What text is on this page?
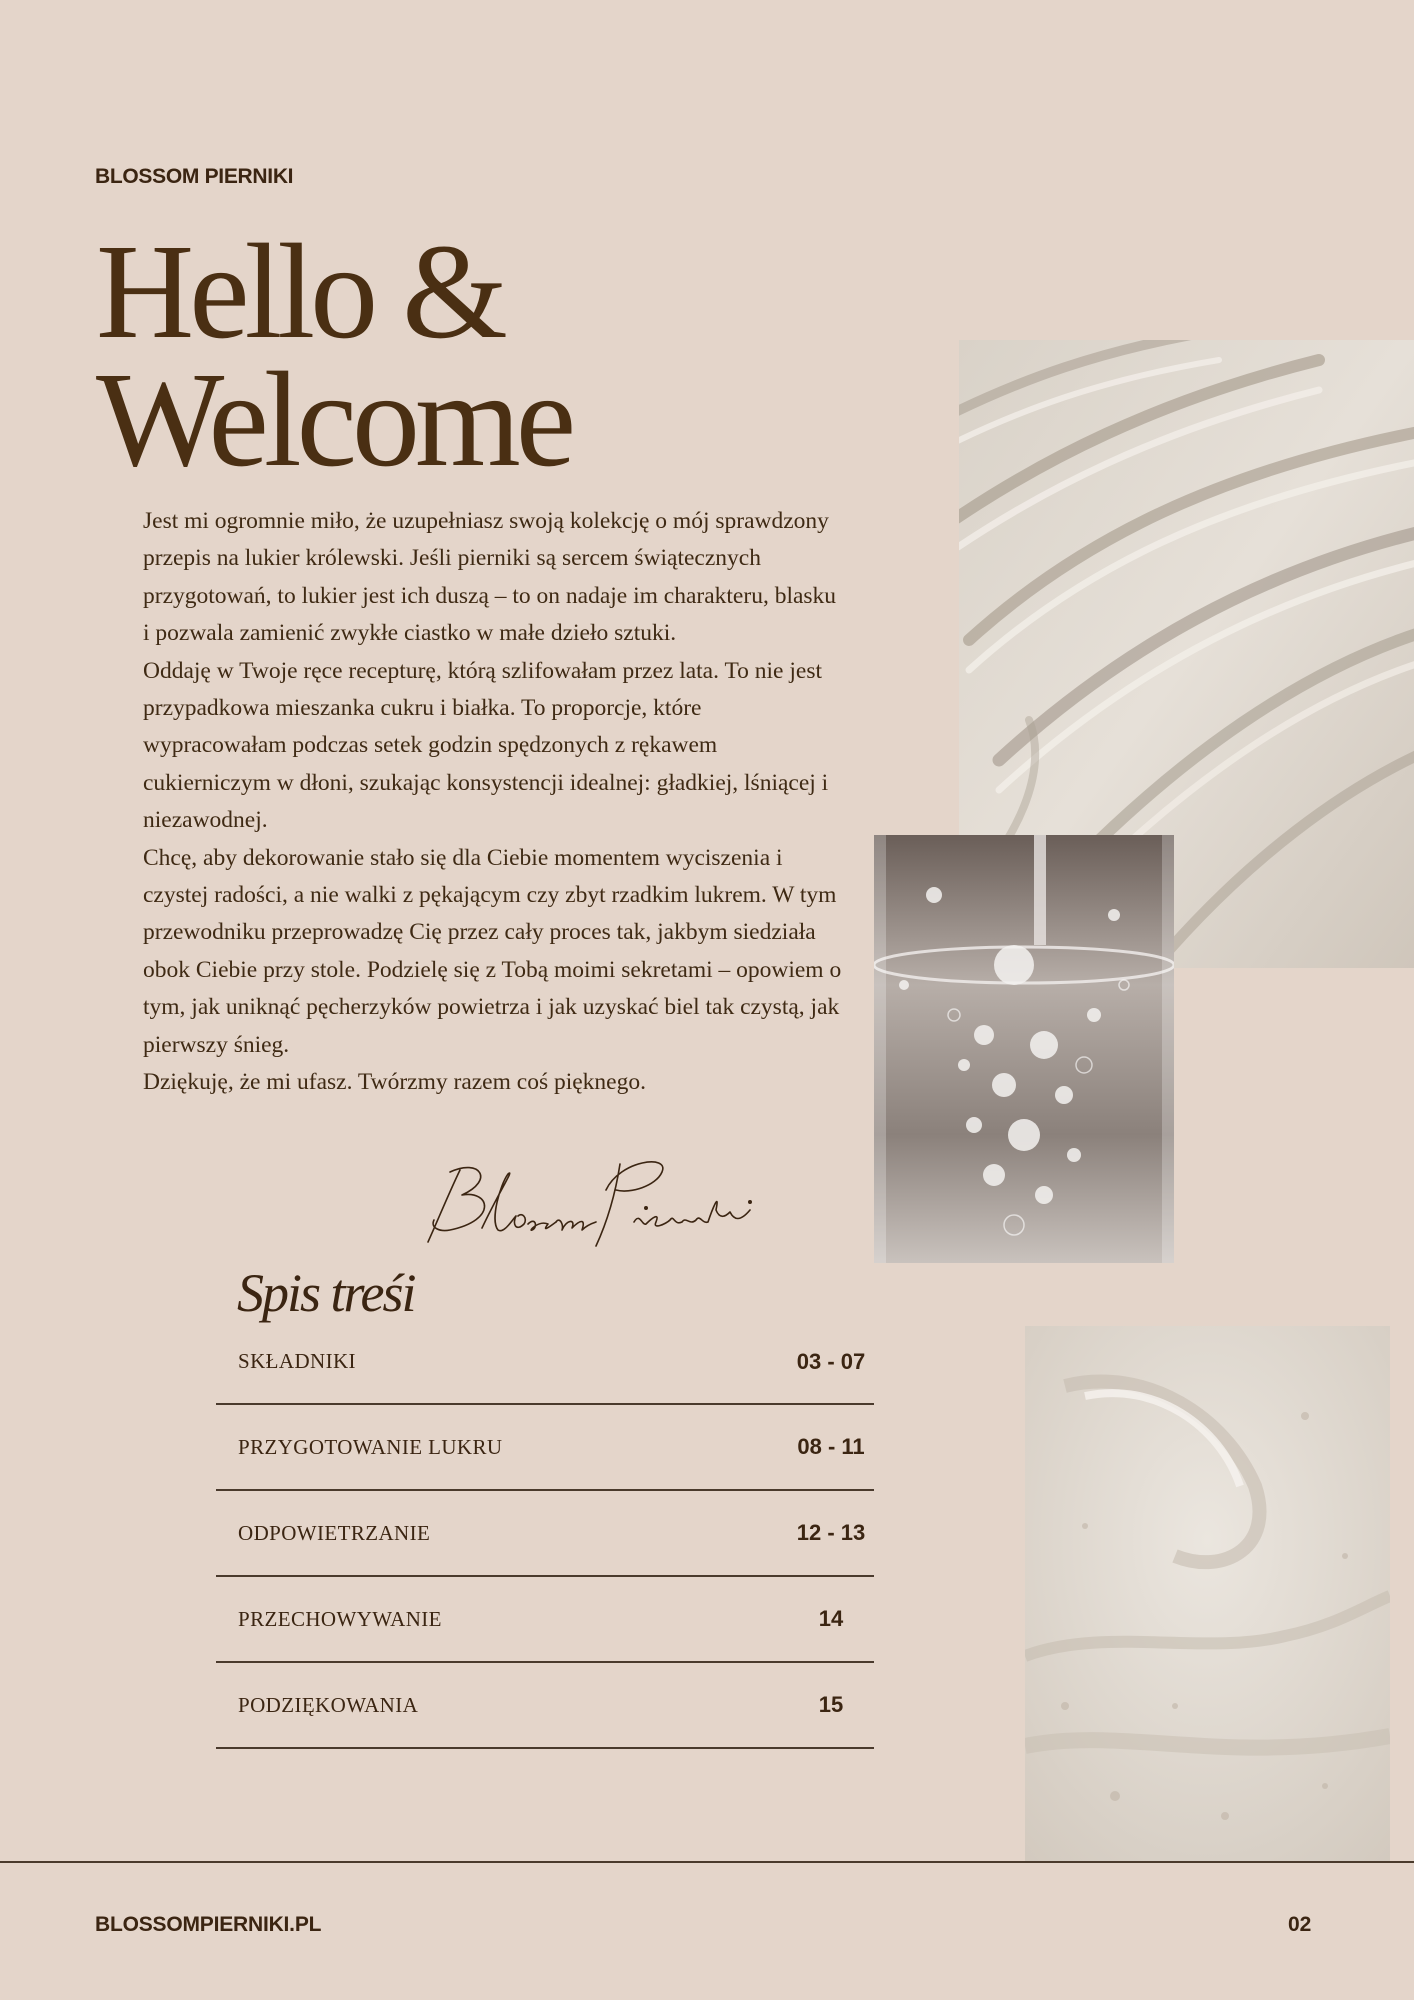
BLOSSOM PIERNIKI
Hello &
Welcome

Jest mi ogromnie miło, że uzupełniasz swoją kolekcję o mój sprawdzony przepis na lukier królewski. Jeśli pierniki są sercem świątecznych przygotowań, to lukier jest ich duszą – to on nadaje im charakteru, blasku i pozwala zamienić zwykłe ciastko w małe dzieło sztuki.

Oddaję w Twoje ręce recepturę, którą szlifowałam przez lata. To nie jest przypadkowa mieszanka cukru i białka. To proporcje, które wypracowałam podczas setek godzin spędzonych z rękawem cukierniczym w dłoni, szukając konsystencji idealnej: gładkiej, lśniącej i niezawodnej.

Chcę, aby dekorowanie stało się dla Ciebie momentem wyciszenia i czystej radości, a nie walki z pękającym czy zbyt rzadkim lukrem. W tym przewodniku przeprowadzę Cię przez cały proces tak, jakbym siedziała obok Ciebie przy stole. Podzielę się z Tobą moimi sekretami – opowiem o tym, jak uniknąć pęcherzyków powietrza i jak uzyskać biel tak czystą, jak pierwszy śnieg.

Dziękuję, że mi ufasz. Twórzmy razem coś pięknego.

Spis treśi
SKŁADNIKI	03 - 07
PRZYGOTOWANIE LUKRU	08 - 11
ODPOWIETRZANIE	12 - 13
PRZECHOWYWANIE	14
PODZIĘKOWANIA	15
BLOSSOMPIERNIKI.PL	02
